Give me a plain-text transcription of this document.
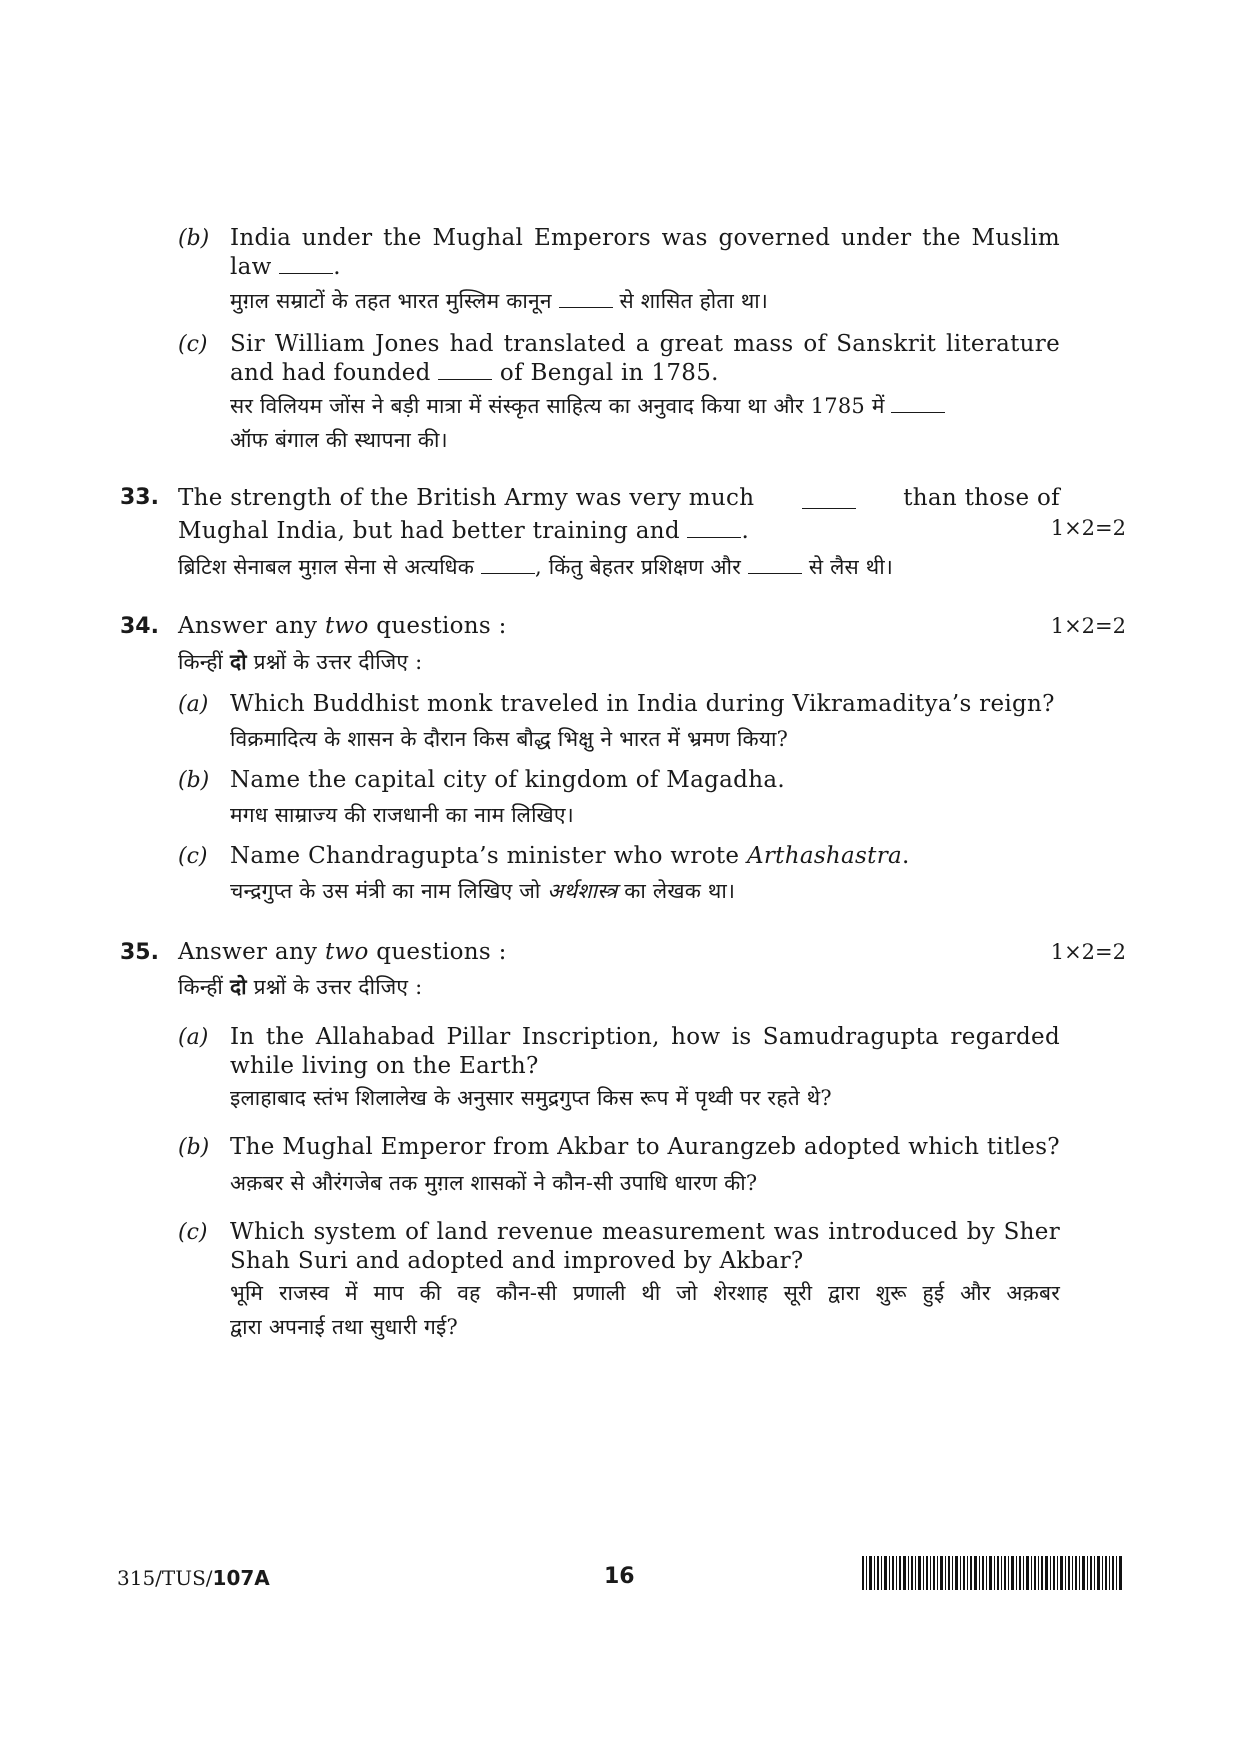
(b) India under the Mughal Emperors was governed under the Muslim
law	.
मुग़ल सम्राटों के तहत भारत मुस्लिम कानून	से शासित होता था।
(c) Sir William Jones had translated a great mass of Sanskrit literature
and had founded	of Bengal in 1785.
सर विलियम जोंस ने बड़ी मात्रा में संस्कृत साहित्य का अनुवाद किया था और 1785 में
ऑफ बंगाल की स्थापना की।
33. The strength of the British Army was very much	than those of
Mughal India, but had better training and	.	1×2=2
ब्रिटिश सेनाबल मुग़ल सेना से अत्यधिक	, किंतु बेहतर प्रशिक्षण और	से लैस थी।
34. Answer any two questions :	1×2=2
किन्हीं दो प्रश्नों के उत्तर दीजिए :
(a) Which Buddhist monk traveled in India during Vikramaditya’s reign?
विक्रमादित्य के शासन के दौरान किस बौद्ध भिक्षु ने भारत में भ्रमण किया?
(b) Name the capital city of kingdom of Magadha.
मगध साम्राज्य की राजधानी का नाम लिखिए।
(c) Name Chandragupta’s minister who wrote Arthashastra.
चन्द्रगुप्त के उस मंत्री का नाम लिखिए जो अर्थशास्त्र का लेखक था।
35. Answer any two questions :	1×2=2
किन्हीं दो प्रश्नों के उत्तर दीजिए :
(a) In the Allahabad Pillar Inscription, how is Samudragupta regarded
while living on the Earth?
इलाहाबाद स्तंभ शिलालेख के अनुसार समुद्रगुप्त किस रूप में पृथ्वी पर रहते थे?
(b) The Mughal Emperor from Akbar to Aurangzeb adopted which titles?
अक़बर से औरंगजेब तक मुग़ल शासकों ने कौन-सी उपाधि धारण की?
(c) Which system of land revenue measurement was introduced by Sher
Shah Suri and adopted and improved by Akbar?
भूमि राजस्व में माप की वह कौन-सी प्रणाली थी जो शेरशाह सूरी द्वारा शुरू हुई और अक़बर
द्वारा अपनाई तथा सुधारी गई?
315/TUS/107A	16
